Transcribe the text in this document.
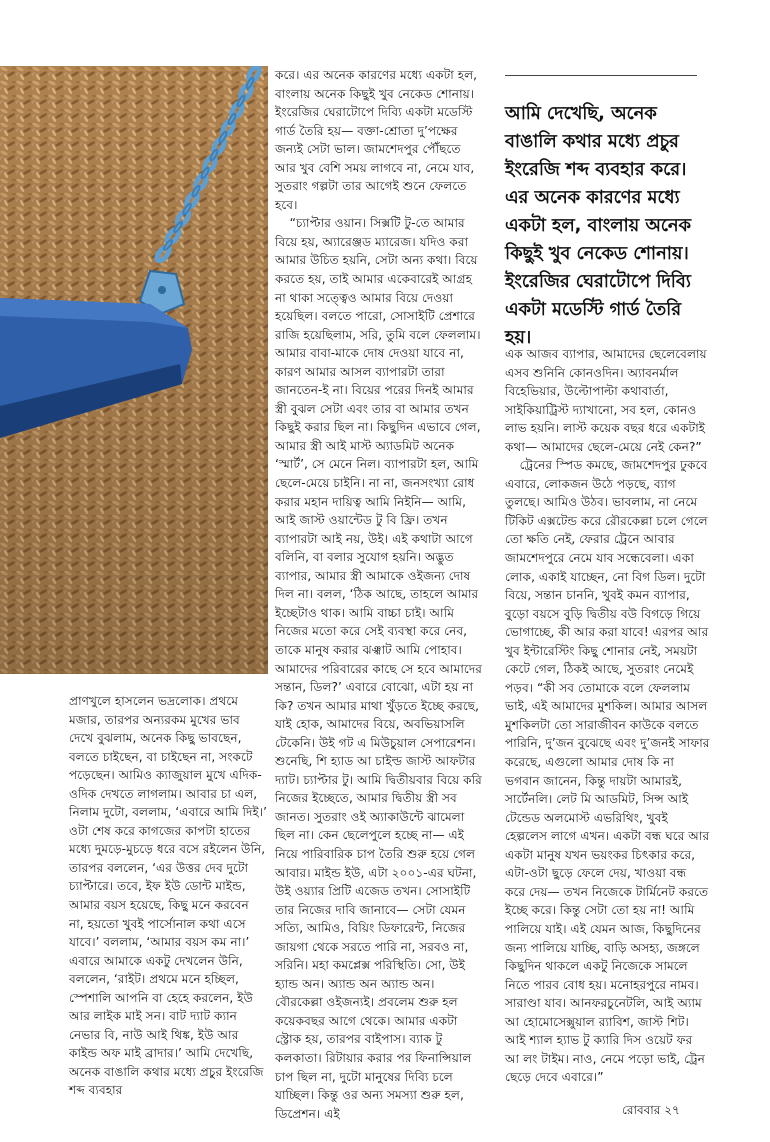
প্রাণখুলে হাসলেন ভদ্রলোক। প্রথমে মজার, তারপর অন্যরকম মুখের ভাব দেখে বুঝলাম, অনেক কিছু ভাবছেন, বলতে চাইছেন, বা চাইছেন না, সংকটে পড়েছেন। আমিও ক্যাজুয়াল মুখে এদিক-ওদিক দেখতে লাগলাম। আবার চা এল, নিলাম দুটো, বললাম, ‘এবারে আমি দিই।’ ওটা শেষ করে কাগজের কাপটা হাতের মধ্যে দুমড়ে-মুচড়ে ধরে বসে রইলেন উনি, তারপর বললেন, ‘এর উত্তর দেব দুটো চ্যাপ্টারে। তবে, ইফ ইউ ডোন্ট মাইন্ড, আমার বয়স হয়েছে, কিছু মনে করবেন না, হয়তো খুবই পার্সোনাল কথা এসে যাবে।’ বললাম, ‘আমার বয়স কম না।’ এবারে আমাকে একটু দেখলেন উনি, বললেন, ‘রাইট। প্রথমে মনে হচ্ছিল, স্পেশালি আপনি বা হেহে করলেন, ইউ আর লাইক মাই সন। বাট দ্যাট ক্যান নেভার বি, নাউ আই থিঙ্ক, ইউ আর কাইন্ড অফ মাই ব্রাদার।’ আমি দেখেছি, অনেক বাঙালি কথার মধ্যে প্রচুর ইংরেজি শব্দ ব্যবহার

করে। এর অনেক কারণের মধ্যে একটা হল, বাংলায় অনেক কিছুই খুব নেকেড শোনায়। ইংরেজির ঘেরাটোপে দিব্যি একটা মডেস্টি গার্ড তৈরি হয়— বক্তা-শ্রোতা দু’পক্ষের জন্যই সেটা ভাল। জামশেদপুর পৌঁছতে আর খুব বেশি সময় লাগবে না, নেমে যাব, সুতরাং গল্পটা তার আগেই শুনে ফেলতে হবে।

“চ্যাপ্টার ওয়ান। সিক্সটি টু-তে আমার বিয়ে হয়, অ্যারেঞ্জড ম্যারেজ। যদিও করা আমার উচিত হয়নি, সেটা অন্য কথা। বিয়ে করতে হয়, তাই আমার একেবারেই আগ্রহ না থাকা সত্ত্বেও আমার বিয়ে দেওয়া হয়েছিল। বলতে পারো, সোসাইটি প্রেশারে রাজি হয়েছিলাম, সরি, তুমি বলে ফেললাম। আমার বাবা-মাকে দোষ দেওয়া যাবে না, কারণ আমার আসল ব্যাপারটা তারা জানতেন-ই না। বিয়ের পরের দিনই আমার স্ত্রী বুঝল সেটা এবং তার বা আমার তখন কিছুই করার ছিল না। কিছুদিন এভাবে গেল, আমার স্ত্রী আই মাস্ট অ্যাডমিট অনেক ‘স্মার্ট’, সে মেনে নিল। ব্যাপারটা হল, আমি ছেলে-মেয়ে চাইনি। না না, জনসংখ্যা রোধ করার মহান দায়িত্ব আমি নিইনি— আমি, আই জাস্ট ওয়ান্টেড টু বি ফ্রি। তখন ব্যাপারটা আই নয়, উই। এই কথাটা আগে বলিনি, বা বলার সুযোগ হয়নি। অদ্ভুত ব্যাপার, আমার স্ত্রী আমাকে ওইজন্য দোষ দিল না। বলল, ‘ঠিক আছে, তাহলে আমার ইচ্ছেটাও থাক। আমি বাচ্চা চাই। আমি নিজের মতো করে সেই ব্যবস্থা করে নেব, তাকে মানুষ করার ঝঞ্ঝাট আমি পোহাব। আমাদের পরিবারের কাছে সে হবে আমাদের সন্তান, ডিল?’ এবারে বোঝো, এটা হয় না কি? তখন আমার মাথা খুঁড়তে ইচ্ছে করছে, যাই হোক, আমাদের বিয়ে, অবভিয়াসলি টেকেনি। উই গট এ মিউচুয়াল সেপারেশন। শুনেছি, শি হ্যাড আ চাইল্ড জাস্ট আফটার দ্যাট। চ্যাপ্টার টু। আমি দ্বিতীয়বার বিয়ে করি নিজের ইচ্ছেতে, আমার দ্বিতীয় স্ত্রী সব জানত। সুতরাং ওই অ্যাকাউন্টে ঝামেলা ছিল না। কেন ছেলেপুলে হচ্ছে না— এই নিয়ে পারিবারিক চাপ তৈরি শুরু হয়ে গেল আবার। মাইন্ড ইউ, এটা ২০০১-এর ঘটনা, উই ওয়্যার প্রিটি এজেড তখন। সোসাইটি তার নিজের দাবি জানাবে— সেটা যেমন সত্যি, আমিও, বিয়িং ডিফারেন্ট, নিজের জায়গা থেকে সরতে পারি না, সরবও না, সরিনি। মহা কমপ্লেক্স পরিস্থিতি। সো, উই হ্যান্ড অন। অ্যান্ড অন অ্যান্ড অন। বৌরকেল্লা ওইজন্যই। প্রবলেম শুরু হল কয়েকবছর আগে থেকে। আমার একটা স্ট্রোক হয়, তারপর বাইপাস। ব্যাক টু কলকাতা। রিটায়ার করার পর ফিনান্সিয়াল চাপ ছিল না, দুটো মানুষের দিব্যি চলে যাচ্ছিল। কিন্তু ওর অন্য সমস্যা শুরু হল, ডিপ্রেশন। এই

আমি দেখেছি, অনেক বাঙালি কথার মধ্যে প্রচুর ইংরেজি শব্দ ব্যবহার করে। এর অনেক কারণের মধ্যে একটা হল, বাংলায় অনেক কিছুই খুব নেকেড শোনায়। ইংরেজির ঘেরাটোপে দিব্যি একটা মডেস্টি গার্ড তৈরি হয়।

এক আজব ব্যাপার, আমাদের ছেলেবেলায় এসব শুনিনি কোনওদিন। অ্যাবনর্মাল বিহেভিয়ার, উল্টোপাল্টা কথাবার্তা, সাইকিয়াট্রিস্ট দ্যাখানো, সব হল, কোনও লাভ হয়নি। লাস্ট কয়েক বছর ধরে একটাই কথা— আমাদের ছেলে-মেয়ে নেই কেন?”

ট্রেনের স্পিড কমছে, জামশেদপুর ঢুকবে এবারে, লোকজন উঠে পড়ছে, ব্যাগ তুলছে। আমিও উঠব। ভাবলাম, না নেমে টিকিট এক্সটেন্ড করে রৌরকেল্লা চলে গেলে তো ক্ষতি নেই, ফেরার ট্রেনে আবার জামশেদপুরে নেমে যাব সন্ধেবেলা। একা লোক, একাই যাচ্ছেন, নো বিগ ডিল। দুটো বিয়ে, সন্তান চাননি, খুবই কমন ব্যাপার, বুড়ো বয়সে বুড়ি দ্বিতীয় বউ বিগড়ে গিয়ে ভোগাচ্ছে, কী আর করা যাবে! এরপর আর খুব ইন্টারেস্টিং কিছু শোনার নেই, সময়টা কেটে গেল, ঠিকই আছে, সুতরাং নেমেই পড়ব। “কী সব তোমাকে বলে ফেললাম ভাই, এই আমাদের মুশকিল। আমার আসল মুশকিলটা তো সারাজীবন কাউকে বলতে পারিনি, দু’জন বুঝেছে এবং দু’জনই সাফার করেছে, এগুলো আমার দোষ কি না ভগবান জানেন, কিন্তু দায়টা আমারই, সার্টেনলি। লেট মি আডমিট, সিন্স আই টেন্ডেড অলমোস্ট এভরিথিং, খুবই হেল্পলেস লাগে এখন। একটা বন্ধ ঘরে আর একটা মানুষ যখন ভয়ংকর চিৎকার করে, এটা-ওটা ছুড়ে ফেলে দেয়, খাওয়া বন্ধ করে দেয়— তখন নিজেকে টার্মিনেট করতে ইচ্ছে করে। কিন্তু সেটা তো হয় না! আমি পালিয়ে যাই। এই যেমন আজ, কিছুদিনের জন্য পালিয়ে যাচ্ছি, বাড়ি অসহ্য, জঙ্গলে কিছুদিন থাকলে একটু নিজেকে সামলে নিতে পারব বোধ হয়। মনোহরপুরে নামব। সারাণ্ডা যাব। আনফরচুনেটলি, আই অ্যাম আ হোমোসেক্সুয়াল র‍্যাবিশ, জাস্ট শিট। আই শ্যাল হ্যাভ টু ক্যারি দিস ওয়েট ফর আ লং টাইম। নাও, নেমে পড়ো ভাই, ট্রেন ছেড়ে দেবে এবারে।”

রোববার ২৭
